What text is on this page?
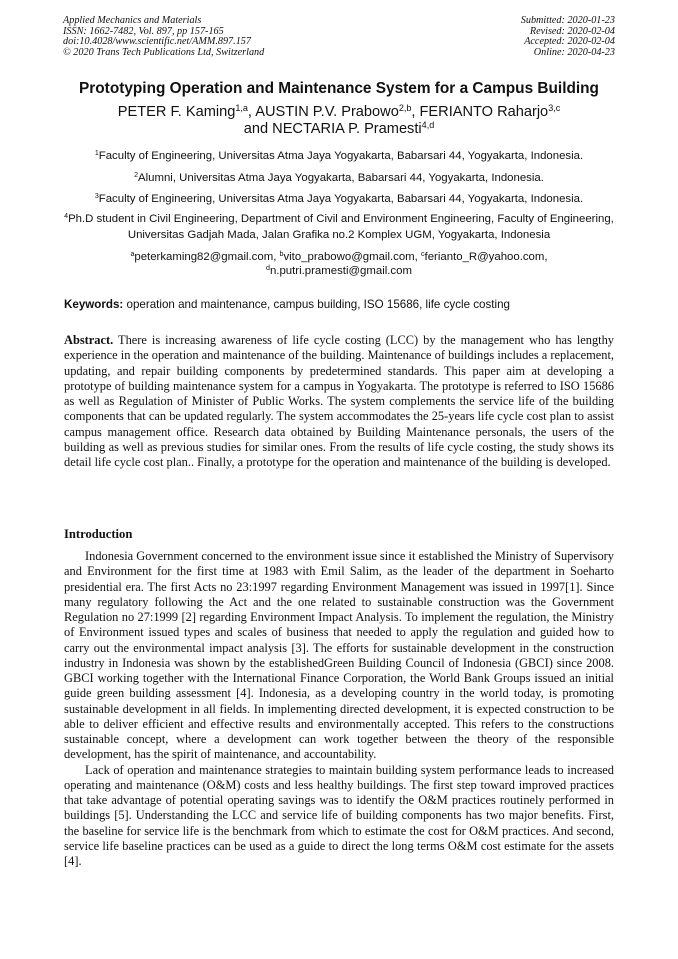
Applied Mechanics and Materials
ISSN: 1662-7482, Vol. 897, pp 157-165
doi:10.4028/www.scientific.net/AMM.897.157
© 2020 Trans Tech Publications Ltd, Switzerland
Submitted: 2020-01-23
Revised: 2020-02-04
Accepted: 2020-02-04
Online: 2020-04-23
Prototyping Operation and Maintenance System for a Campus Building
PETER F. Kaming$^{1,a}$, AUSTIN P.V. Prabowo$^{2,b}$, FERIANTO Raharjo$^{3,c}$
and NECTARIA P. Pramesti$^{4,d}$
$^1$Faculty of Engineering, Universitas Atma Jaya Yogyakarta, Babarsari 44, Yogyakarta, Indonesia.
$^2$Alumni, Universitas Atma Jaya Yogyakarta, Babarsari 44, Yogyakarta, Indonesia.
$^3$Faculty of Engineering, Universitas Atma Jaya Yogyakarta, Babarsari 44, Yogyakarta, Indonesia.
$^4$Ph.D student in Civil Engineering, Department of Civil and Environment Engineering, Faculty of Engineering, Universitas Gadjah Mada, Jalan Grafika no.2 Komplex UGM, Yogyakarta, Indonesia
$^a$peterkaming82@gmail.com, $^b$vito_prabowo@gmail.com, $^c$ferianto_R@yahoo.com,
$^d$n.putri.pramesti@gmail.com
Keywords: operation and maintenance, campus building, ISO 15686, life cycle costing
Abstract. There is increasing awareness of life cycle costing (LCC) by the management who has lengthy experience in the operation and maintenance of the building. Maintenance of buildings includes a replacement, updating, and repair building components by predetermined standards. This paper aim at developing a prototype of building maintenance system for a campus in Yogyakarta. The prototype is referred to ISO 15686 as well as Regulation of Minister of Public Works. The system complements the service life of the building components that can be updated regularly. The system accommodates the 25-years life cycle cost plan to assist campus management office. Research data obtained by Building Maintenance personals, the users of the building as well as previous studies for similar ones. From the results of life cycle costing, the study shows its detail life cycle cost plan.. Finally, a prototype for the operation and maintenance of the building is developed.
Introduction

Indonesia Government concerned to the environment issue since it established the Ministry of Supervisory and Environment for the first time at 1983 with Emil Salim, as the leader of the department in Soeharto presidential era. The first Acts no 23:1997 regarding Environment Management was issued in 1997[1]. Since many regulatory following the Act and the one related to sustainable construction was the Government Regulation no 27:1999 [2] regarding Environment Impact Analysis. To implement the regulation, the Ministry of Environment issued types and scales of business that needed to apply the regulation and guided how to carry out the environmental impact analysis [3]. The efforts for sustainable development in the construction industry in Indonesia was shown by the establishedGreen Building Council of Indonesia (GBCI) since 2008. GBCI working together with the International Finance Corporation, the World Bank Groups issued an initial guide green building assessment [4]. Indonesia, as a developing country in the world today, is promoting sustainable development in all fields. In implementing directed development, it is expected construction to be able to deliver efficient and effective results and environmentally accepted. This refers to the constructions sustainable concept, where a development can work together between the theory of the responsible development, has the spirit of maintenance, and accountability.

Lack of operation and maintenance strategies to maintain building system performance leads to increased operating and maintenance (O&M) costs and less healthy buildings. The first step toward improved practices that take advantage of potential operating savings was to identify the O&M practices routinely performed in buildings [5]. Understanding the LCC and service life of building components has two major benefits. First, the baseline for service life is the benchmark from which to estimate the cost for O&M practices. And second, service life baseline practices can be used as a guide to direct the long terms O&M cost estimate for the assets [4].
